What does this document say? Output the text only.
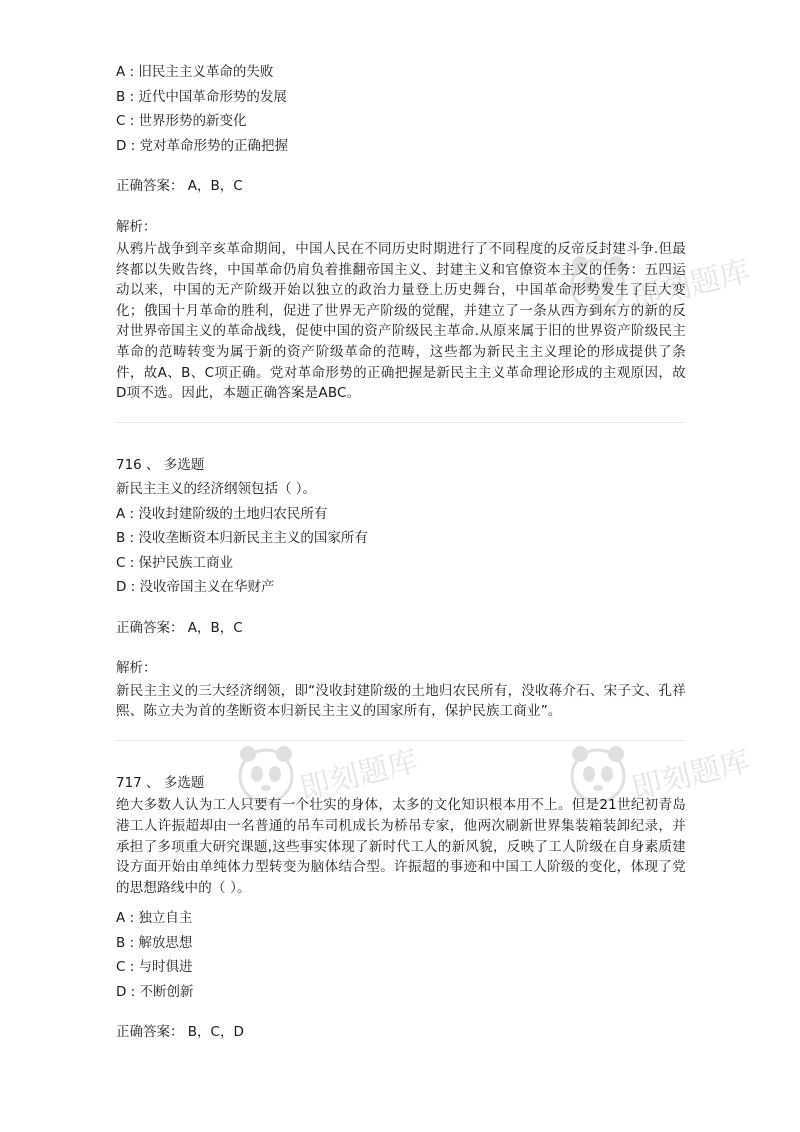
即刻题库	即刻题库
即刻题库
A : 旧民主主义革命的失败
B : 近代中国革命形势的发展
C : 世界形势的新变化
D : 党对革命形势的正确把握
正确答案： A，B，C
解析：
从鸦片战争到辛亥革命期间，中国人民在不同历史时期进行了不同程度的反帝反封建斗争.但最终都以失败告终，中国革命仍肩负着推翻帝国主义、封建主义和官僚资本主义的任务：五四运动以来，中国的无产阶级开始以独立的政治力量登上历史舞台，中国革命形势发生了巨大变化；俄国十月革命的胜利，促进了世界无产阶级的觉醒，并建立了一条从西方到东方的新的反对世界帝国主义的革命战线，促使中国的资产阶级民主革命.从原来属于旧的世界资产阶级民主革命的范畴转变为属于新的资产阶级革命的范畴，这些都为新民主主义理论的形成提供了条件，故A、B、C项正确。党对革命形势的正确把握是新民主主义革命理论形成的主观原因，故D项不选。因此，本题正确答案是ABC。
716 、 多选题
新民主主义的经济纲领包括（ ）。
A : 没收封建阶级的土地归农民所有
B : 没收垄断资本归新民主主义的国家所有
C : 保护民族工商业
D : 没收帝国主义在华财产
正确答案： A，B，C
解析：
新民主主义的三大经济纲领，即“没收封建阶级的土地归农民所有，没收蒋介石、宋子文、孔祥熙、陈立夫为首的垄断资本归新民主主义的国家所有，保护民族工商业”。
717 、 多选题
绝大多数人认为工人只要有一个壮实的身体，太多的文化知识根本用不上。但是21世纪初青岛港工人许振超却由一名普通的吊车司机成长为桥吊专家，他两次刷新世界集装箱装卸纪录，并承担了多项重大研究课题,这些事实体现了新时代工人的新风貌，反映了工人阶级在自身素质建设方面开始由单纯体力型转变为脑体结合型。许振超的事迹和中国工人阶级的变化，体现了党的思想路线中的（ ）。
A : 独立自主
B : 解放思想
C : 与时俱进
D : 不断创新
正确答案： B，C，D
